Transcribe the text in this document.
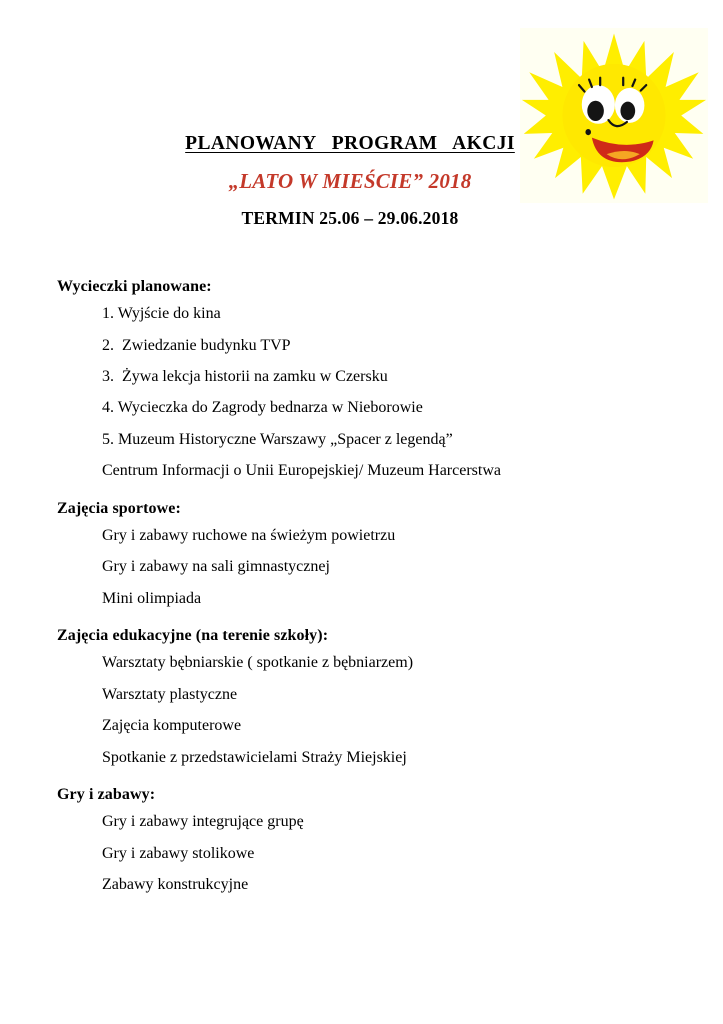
PLANOWANY   PROGRAM   AKCJI
„LATO W MIEŚCIE” 2018
TERMIN 25.06 – 29.06.2018
Wycieczki planowane:
1. Wyjście do kina
2.  Zwiedzanie budynku TVP
3.  Żywa lekcja historii na zamku w Czersku
4. Wycieczka do Zagrody bednarza w Nieborowie
5. Muzeum Historyczne Warszawy „Spacer z legendą”
Centrum Informacji o Unii Europejskiej/ Muzeum Harcerstwa
Zajęcia sportowe:
Gry i zabawy ruchowe na świeżym powietrzu
Gry i zabawy na sali gimnastycznej
Mini olimpiada
Zajęcia edukacyjne (na terenie szkoły):
Warsztaty bębniarskie ( spotkanie z bębniarzem)
Warsztaty plastyczne
Zajęcia komputerowe
Spotkanie z przedstawicielami Straży Miejskiej
Gry i zabawy:
Gry i zabawy integrujące grupę
Gry i zabawy stolikowe
Zabawy konstrukcyjne
